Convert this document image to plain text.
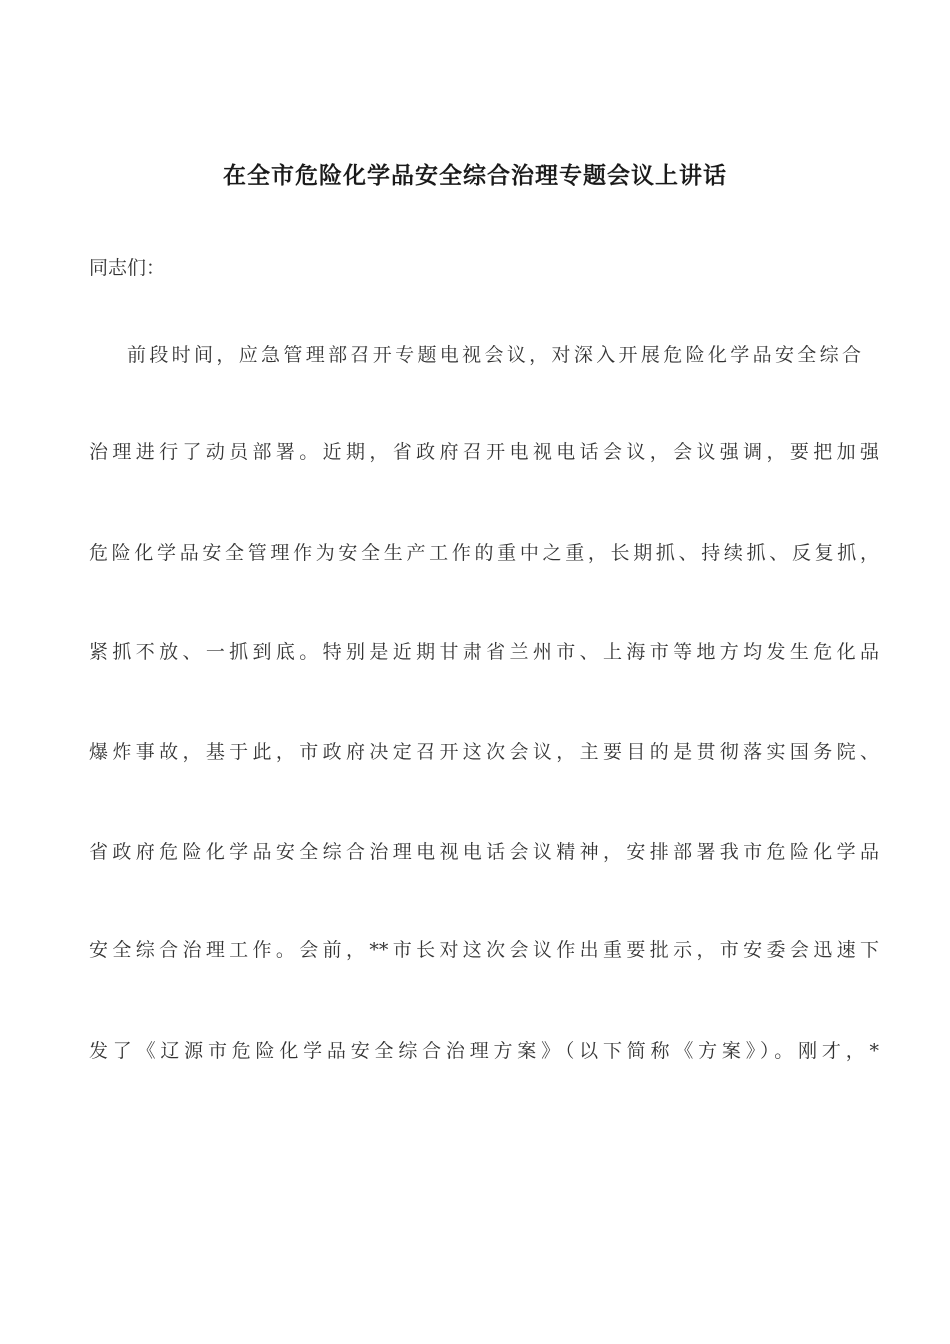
在全市危险化学品安全综合治理专题会议上讲话

同志们：

前段时间，应急管理部召开专题电视会议，对深入开展危险化学品安全综合

治理进行了动员部署。近期，省政府召开电视电话会议，会议强调，要把加强

危险化学品安全管理作为安全生产工作的重中之重，长期抓、持续抓、反复抓，

紧抓不放、一抓到底。特别是近期甘肃省兰州市、上海市等地方均发生危化品

爆炸事故，基于此，市政府决定召开这次会议，主要目的是贯彻落实国务院、

省政府危险化学品安全综合治理电视电话会议精神，安排部署我市危险化学品

安全综合治理工作。会前，**市长对这次会议作出重要批示，市安委会迅速下

发了《辽源市危险化学品安全综合治理方案》（以下简称《方案》）。刚才，*
